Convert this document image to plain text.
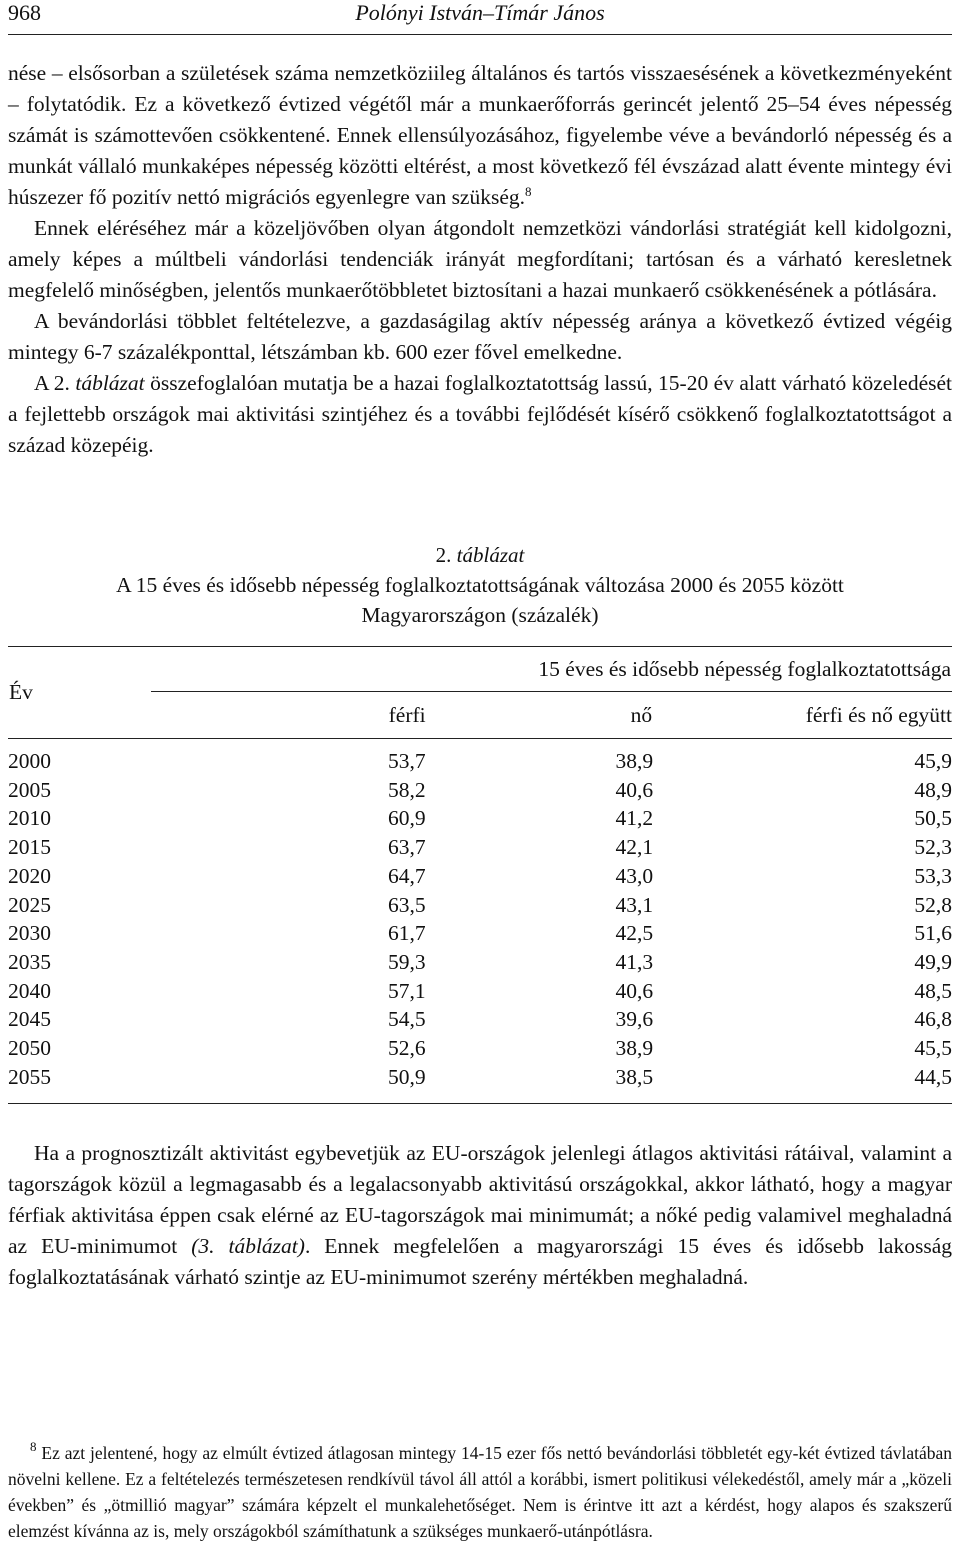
968	Polónyi István–Tímár János

nése – elsősorban a születések száma nemzetköziileg általános és tartós visszaesésének a következményeként – folytatódik. Ez a következő évtized végétől már a munkaerőforrás gerincét jelentő 25–54 éves népesség számát is számottevően csökkentené. Ennek ellensúlyozásához, figyelembe véve a bevándorló népesség és a munkát vállaló munkaképes népesség közötti eltérést, a most következő fél évszázad alatt évente mintegy évi húszezer fő pozitív nettó migrációs egyenlegre van szükség.$^8$

Ennek eléréséhez már a közeljövőben olyan átgondolt nemzetközi vándorlási stratégiát kell kidolgozni, amely képes a múltbeli vándorlási tendenciák irányát megfordítani; tartósan és a várható keresletnek megfelelő minőségben, jelentős munkaerőtöbbletet biztosítani a hazai munkaerő csökkenésének a pótlására.

A bevándorlási többlet feltételezve, a gazdaságilag aktív népesség aránya a következő évtized végéig mintegy 6-7 százalékponttal, létszámban kb. 600 ezer fővel emelkedne.

A 2. táblázat összefoglalóan mutatja be a hazai foglalkoztatottság lassú, 15-20 év alatt várható közeledését a fejlettebb országok mai aktivitási szintjéhez és a további fejlődését kísérő csökkenő foglalkoztatottságot a század közepéig.

2. táblázat
A 15 éves és idősebb népesség foglalkoztatottságának változása 2000 és 2055 között
Magyarországon (százalék)
Év	15 éves és idősebb népesség foglalkoztatottsága		
	férfi	nő	férfi és nő együtt
2000	53,7	38,9	45,9
2005	58,2	40,6	48,9
2010	60,9	41,2	50,5
2015	63,7	42,1	52,3
2020	64,7	43,0	53,3
2025	63,5	43,1	52,8
2030	61,7	42,5	51,6
2035	59,3	41,3	49,9
2040	57,1	40,6	48,5
2045	54,5	39,6	46,8
2050	52,6	38,9	45,5
2055	50,9	38,5	44,5

Ha a prognosztizált aktivitást egybevetjük az EU-országok jelenlegi átlagos aktivitási rátáival, valamint a tagországok közül a legmagasabb és a legalacsonyabb aktivitású országokkal, akkor látható, hogy a magyar férfiak aktivitása éppen csak elérné az EU-tagországok mai minimumát; a nőké pedig valamivel meghaladná az EU-minimumot (3. táblázat). Ennek megfelelően a magyarországi 15 éves és idősebb lakosság foglalkoztatásának várható szintje az EU-minimumot szerény mértékben meghaladná.

$^8$ Ez azt jelentené, hogy az elmúlt évtized átlagosan mintegy 14-15 ezer fős nettó bevándorlási többletét egy-két évtized távlatában növelni kellene. Ez a feltételezés természetesen rendkívül távol áll attól a korábbi, ismert politikusi vélekedéstől, amely már a „közeli években” és „ötmillió magyar” számára képzelt el munkalehetőséget. Nem is érintve itt azt a kérdést, hogy alapos és szakszerű elemzést kívánna az is, mely országokból számíthatunk a szükséges munkaerő-utánpótlásra.
